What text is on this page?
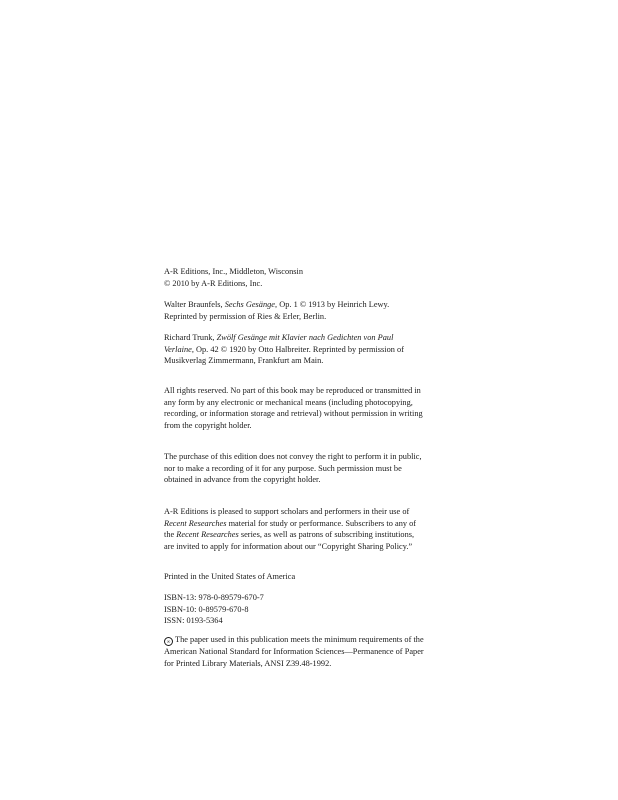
A-R Editions, Inc., Middleton, Wisconsin

© 2010 by A-R Editions, Inc.

Walter Braunfels, Sechs Gesänge, Op. 1 © 1913 by Heinrich Lewy. Reprinted by permission of Ries & Erler, Berlin.

Richard Trunk, Zwölf Gesänge mit Klavier nach Gedichten von Paul Verlaine, Op. 42 © 1920 by Otto Halbreiter. Reprinted by permission of Musikverlag Zimmermann, Frankfurt am Main.

All rights reserved. No part of this book may be reproduced or transmitted in any form by any electronic or mechanical means (including photocopying, recording, or information storage and retrieval) without permission in writing from the copyright holder.

The purchase of this edition does not convey the right to perform it in public, nor to make a recording of it for any purpose. Such permission must be obtained in advance from the copyright holder.

A-R Editions is pleased to support scholars and performers in their use of Recent Researches material for study or performance. Subscribers to any of the Recent Researches series, as well as patrons of subscribing institutions, are invited to apply for information about our “Copyright Sharing Policy.”

Printed in the United States of America

ISBN-13: 978-0-89579-670-7

ISBN-10: 0-89579-670-8

ISSN: 0193-5364

∞ The paper used in this publication meets the minimum requirements of the American National Standard for Information Sciences—Permanence of Paper for Printed Library Materials, ANSI Z39.48-1992.
